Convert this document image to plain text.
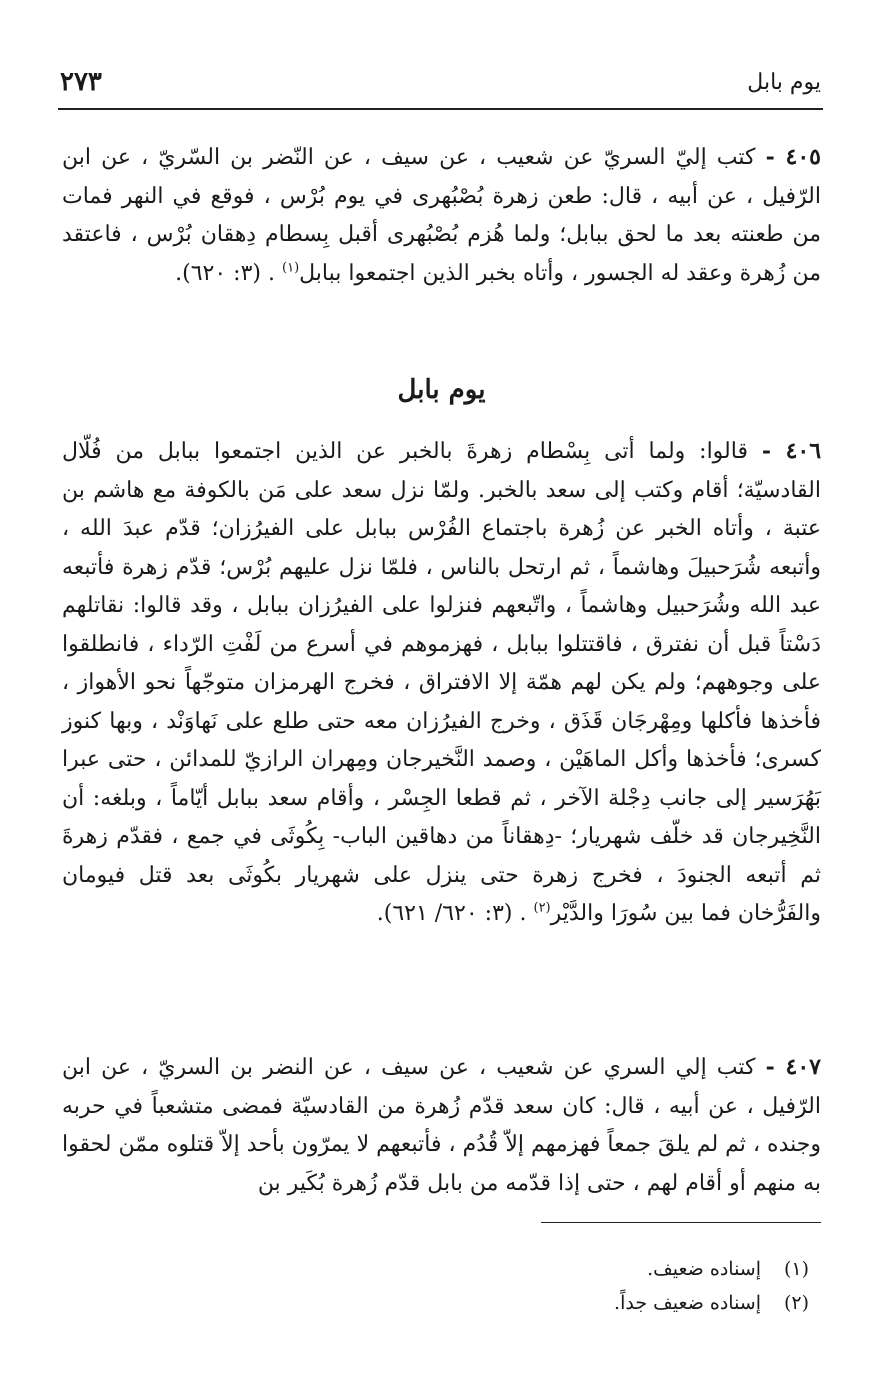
يوم بابل
٢٧٣

٤٠٥ - كتب إليّ السريّ عن شعيب ، عن سيف ، عن النّضر بن السّريّ ، عن ابن الرّفيل ، عن أبيه ، قال: طعن زهرة بُصْبُهرى في يوم بُرْس ، فوقع في النهر فمات من طعنته بعد ما لحق ببابل؛ ولما هُزم بُصْبُهرى أقبل بِسطام دِهقان بُرْس ، فاعتقد من زُهرة وعقد له الجسور ، وأتاه بخبر الذين اجتمعوا ببابل$^{(١)}$ . (٣: ٦٢٠).

يوم بابل

٤٠٦ - قالوا: ولما أتى بِسْطام زهرةَ بالخبر عن الذين اجتمعوا ببابل من فُلّال القادسيّة؛ أقام وكتب إلى سعد بالخبر. ولمّا نزل سعد على مَن بالكوفة مع هاشم بن عتبة ، وأتاه الخبر عن زُهرة باجتماع الفُرْس ببابل على الفيرُزان؛ قدّم عبدَ الله ، وأتبعه شُرَحبيلَ وهاشماً ، ثم ارتحل بالناس ، فلمّا نزل عليهم بُرْس؛ قدّم زهرة فأتبعه عبد الله وشُرَحبيل وهاشماً ، واتّبعهم فنزلوا على الفيرُزان ببابل ، وقد قالوا: نقاتلهم دَسْتاً قبل أن نفترق ، فاقتتلوا ببابل ، فهزموهم في أسرع من لَفْتِ الرّداء ، فانطلقوا على وجوههم؛ ولم يكن لهم همّة إلا الافتراق ، فخرج الهرمزان متوجّهاً نحو الأهواز ، فأخذها فأكلها ومِهْرجَان قَذَق ، وخرج الفيرُزان معه حتى طلع على نَهاوَنْد ، وبها كنوز كسرى؛ فأخذها وأكل الماهَيْن ، وصمد النَّخيرجان ومِهران الرازيّ للمدائن ، حتى عبرا بَهُرَسير إلى جانب دِجْلة الآخر ، ثم قطعا الجِسْر ، وأقام سعد ببابل أيّاماً ، وبلغه: أن النَّخِيرجان قد خلّف شهريار؛ -دِهقاناً من دهاقين الباب- بِكُوثَى في جمع ، فقدّم زهرةَ ثم أتبعه الجنودَ ، فخرج زهرة حتى ينزل على شهريار بكُوثَى بعد قتل فيومان والفَرُّخان فما بين سُورَا والدَّيْر$^{(٢)}$ . (٣: ٦٢٠/ ٦٢١).

٤٠٧ - كتب إلي السري عن شعيب ، عن سيف ، عن النضر بن السريّ ، عن ابن الرّفيل ، عن أبيه ، قال: كان سعد قدّم زُهرة من القادسيّة فمضى متشعباً في حربه وجنده ، ثم لم يلقَ جمعاً فهزمهم إلاّ قُدُم ، فأتبعهم لا يمرّون بأحد إلاّ قتلوه ممّن لحقوا به منهم أو أقام لهم ، حتى إذا قدّمه من بابل قدّم زُهرة بُكَير بن

(١)
إسناده ضعيف.
(٢)
إسناده ضعيف جداً.
